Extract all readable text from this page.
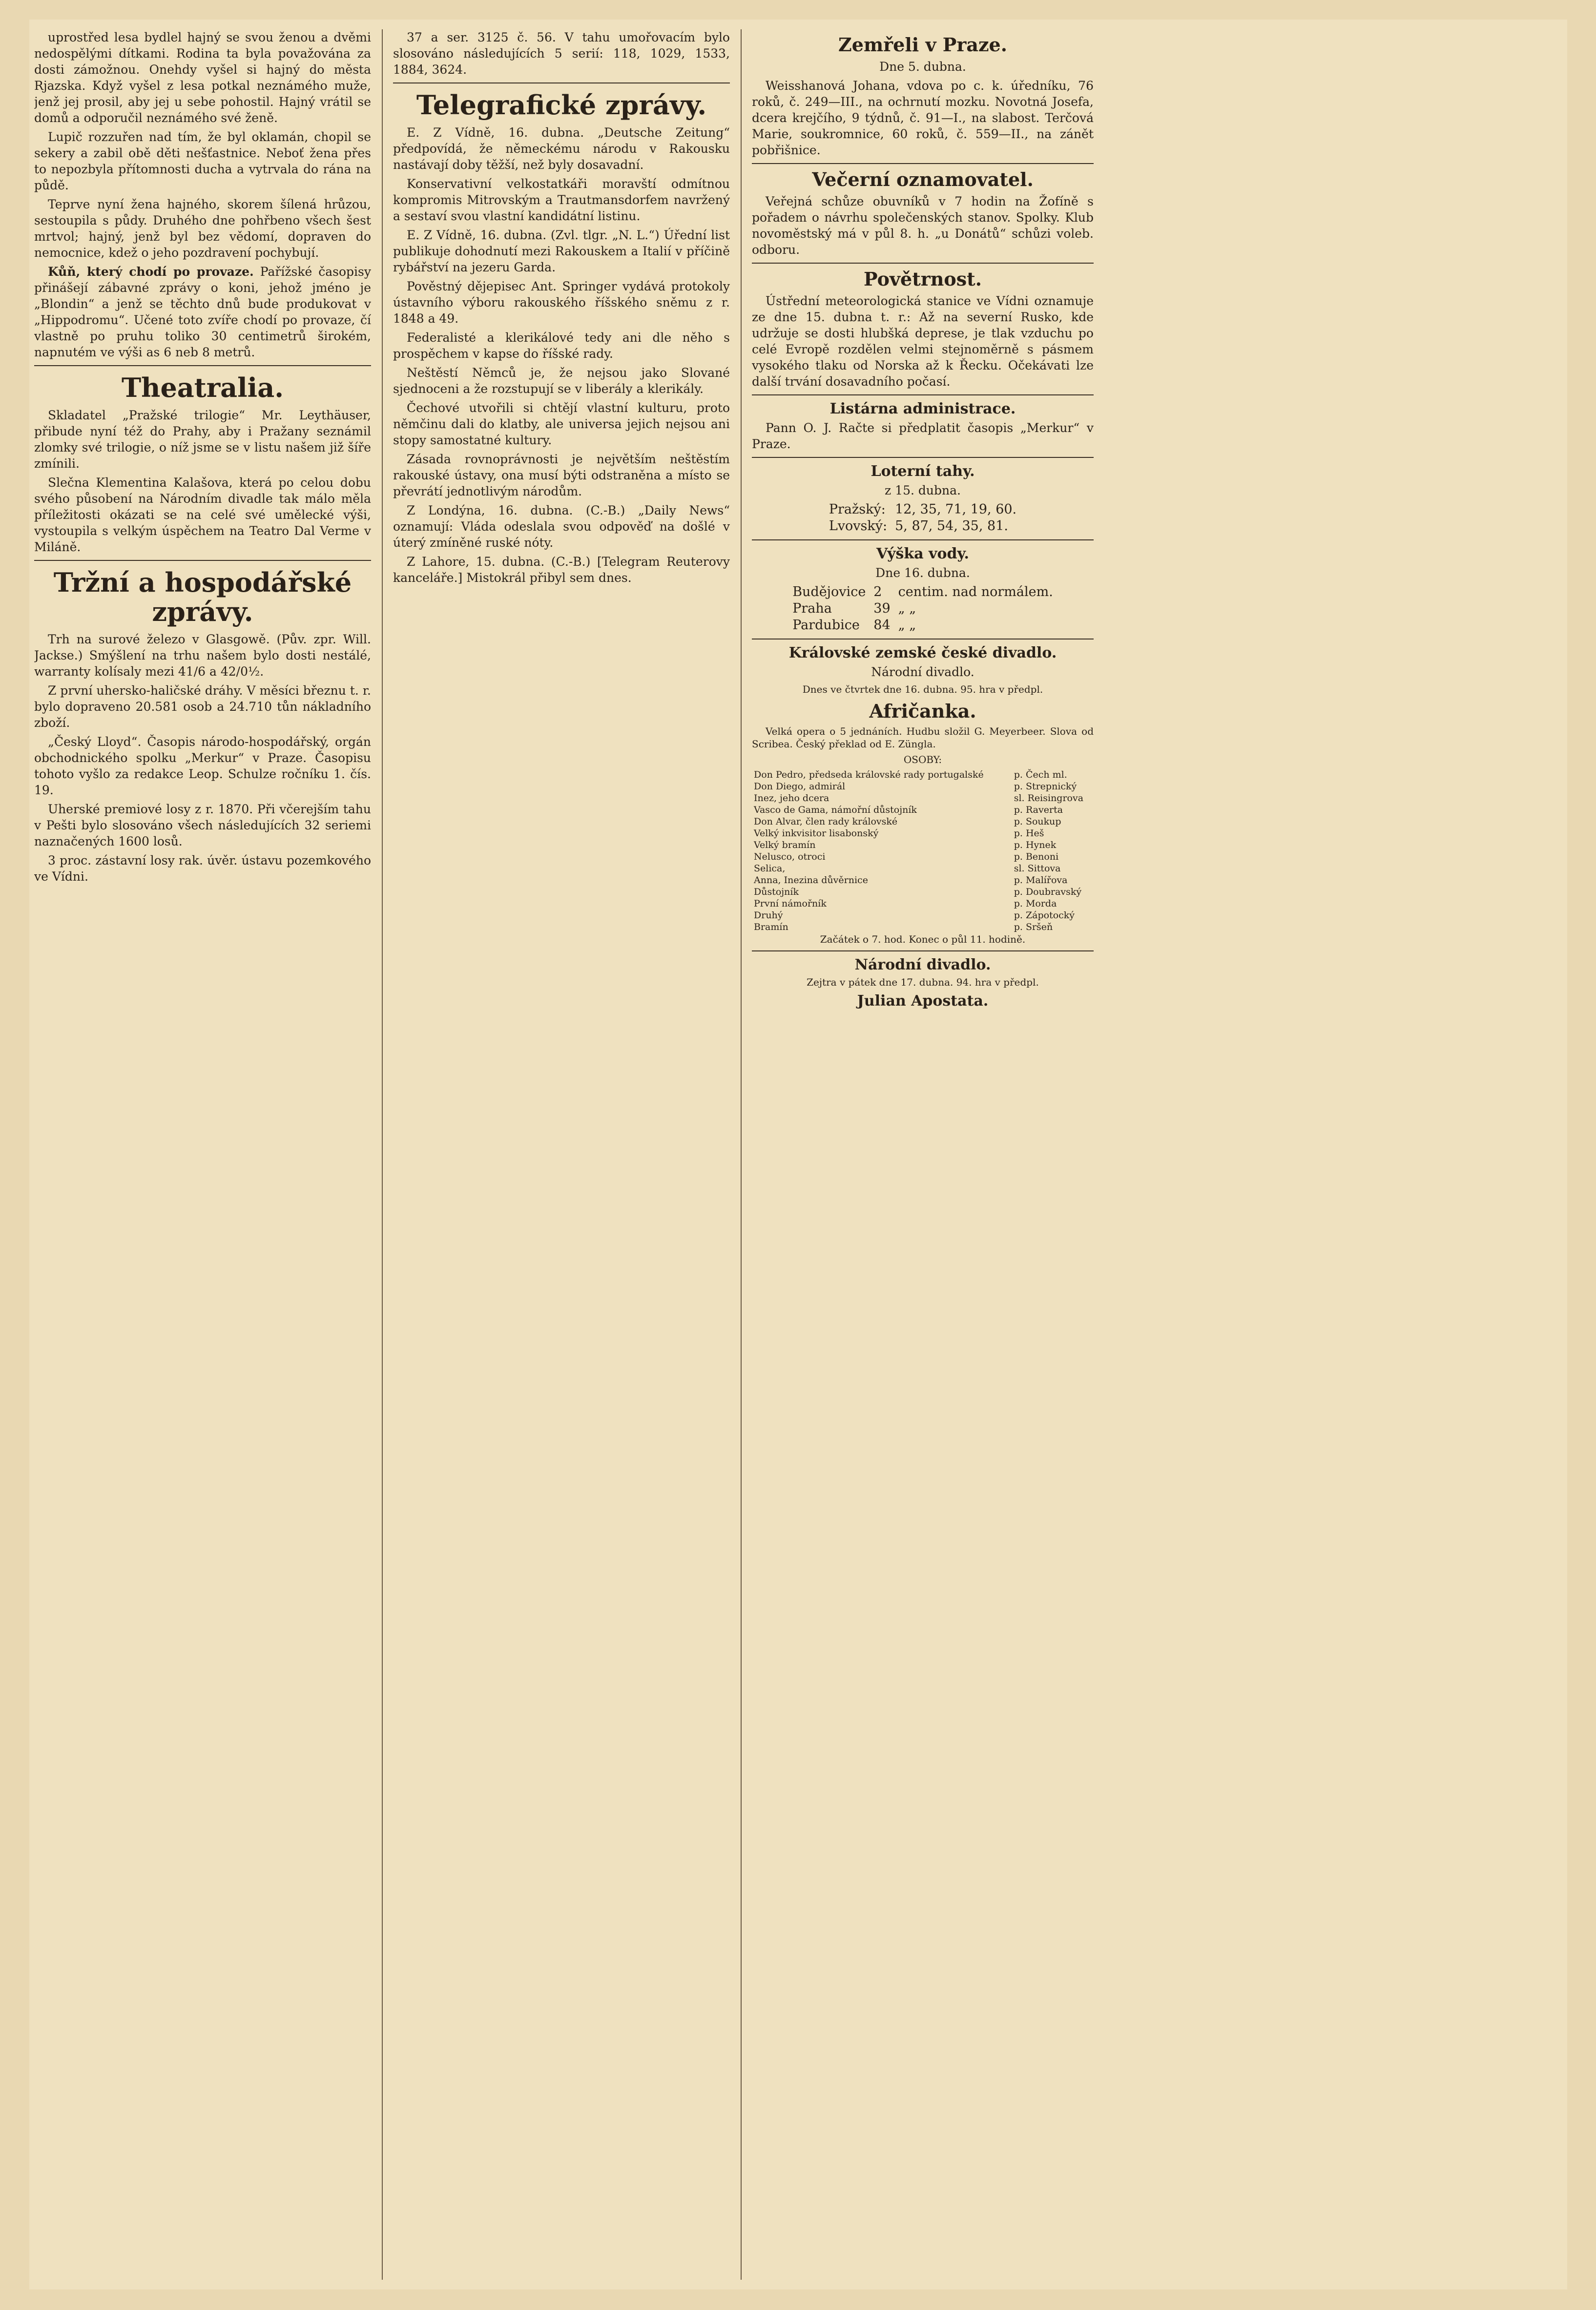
uprostřed lesa bydlel hajný se svou ženou a dvěmi nedospělými dítkami. Rodina ta byla považována za dosti zámožnou. Onehdy vyšel si hajný do města Rjazska. Když vyšel z lesa potkal neznámého muže, jenž jej prosil, aby jej u sebe pohostil. Hajný vrátil se domů a odporučil neznámého své ženě.

Lupič rozzuřen nad tím, že byl oklamán, chopil se sekery a zabil obě děti nešťastnice. Neboť žena přes to nepozbyla přítomnosti ducha a vytrvala do rána na půdě.

Teprve nyní žena hajného, skorem šílená hrůzou, sestoupila s půdy. Druhého dne pohřbeno všech šest mrtvol; hajný, jenž byl bez vědomí, dopraven do nemocnice, kdež o jeho pozdravení pochybují.

Kůň, který chodí po provaze. Pařížské časopisy přinášejí zábavné zprávy o koni, jehož jméno je „Blondin“ a jenž se těchto dnů bude produkovat v „Hippodromu“. Učené toto zvíře chodí po provaze, čí vlastně po pruhu toliko 30 centimetrů širokém, napnutém ve výši as 6 neb 8 metrů.

Theatralia.

Skladatel „Pražské trilogie“ Mr. Leythäuser, přibude nyní též do Prahy, aby i Pražany seznámil zlomky své trilogie, o níž jsme se v listu našem již šíře zmínili.

Slečna Klementina Kalašova, která po celou dobu svého působení na Národním divadle tak málo měla příležitosti okázati se na celé své umělecké výši, vystoupila s velkým úspěchem na Teatro Dal Verme v Miláně.

Tržní a hospodářské zprávy.

Trh na surové železo v Glasgowě. (Pův. zpr. Will. Jackse.) Smýšlení na trhu našem bylo dosti nestálé, warranty kolísaly mezi 41/6 a 42/0½.

Z první uhersko-haličské dráhy. V měsíci březnu t. r. bylo dopraveno 20.581 osob a 24.710 tůn nákladního zboží.

„Český Lloyd“. Časopis národo-hospodářský, orgán obchodnického spolku „Merkur“ v Praze. Časopisu tohoto vyšlo za redakce Leop. Schulze ročníku 1. čís. 19.

Uherské premiové losy z r. 1870. Při včerejším tahu v Pešti bylo slosováno všech následujících 32 seriemi naznačených 1600 losů.

3 proc. zástavní losy rak. úvěr. ústavu pozemkového ve Vídni.

37 a ser. 3125 č. 56. V tahu umořovacím bylo slosováno následujících 5 serií: 118, 1029, 1533, 1884, 3624.

Telegrafické zprávy.

E. Z Vídně, 16. dubna. „Deutsche Zeitung“ předpovídá, že německému národu v Rakousku nastávají doby těžší, než byly dosavadní.

Konservativní velkostatkáři moravští odmítnou kompromis Mitrovským a Trautmansdorfem navržený a sestaví svou vlastní kandidátní listinu.

E. Z Vídně, 16. dubna. (Zvl. tlgr. „N. L.“) Úřední list publikuje dohodnutí mezi Rakouskem a Italií v příčině rybářství na jezeru Garda.

Pověstný dějepisec Ant. Springer vydává protokoly ústavního výboru rakouského říšského sněmu z r. 1848 a 49.

Federalisté a klerikálové tedy ani dle něho s prospěchem v kapse do říšské rady.

Neštěstí Němců je, že nejsou jako Slované sjednoceni a že rozstupují se v liberály a klerikály.

Čechové utvořili si chtějí vlastní kulturu, proto němčinu dali do klatby, ale universa jejich nejsou ani stopy samostatné kultury.

Zásada rovnoprávnosti je největším neštěstím rakouské ústavy, ona musí býti odstraněna a místo se převrátí jednotlivým národům.

Z Londýna, 16. dubna. (C.-B.) „Daily News“ oznamují: Vláda odeslala svou odpověď na došlé v úterý zmíněné ruské nóty.

Z Lahore, 15. dubna. (C.-B.) [Telegram Reuterovy kanceláře.] Mistokrál přibyl sem dnes.

Zemřeli v Praze.

Dne 5. dubna.

Weisshanová Johana, vdova po c. k. úředníku, 76 roků, č. 249—III., na ochrnutí mozku. Novotná Josefa, dcera krejčího, 9 týdnů, č. 91—I., na slabost. Terčová Marie, soukromnice, 60 roků, č. 559—II., na zánět pobřišnice.

Večerní oznamovatel.

Veřejná schůze obuvníků v 7 hodin na Žofíně s pořadem o návrhu společenských stanov. Spolky. Klub novoměstský má v půl 8. h. „u Donátů“ schůzi voleb. odboru.

Povětrnost.

Ústřední meteorologická stanice ve Vídni oznamuje ze dne 15. dubna t. r.: Až na severní Rusko, kde udržuje se dosti hlubšká deprese, je tlak vzduchu po celé Evropě rozdělen velmi stejnoměrně s pásmem vysokého tlaku od Norska až k Řecku. Očekávati lze další trvání dosavadního počasí.

Listárna administrace.

Pann O. J. Račte si předplatit časopis „Merkur“ v Praze.

Loterní tahy.

z 15. dubna.

Pražský:	12, 35, 71, 19, 60.
Lvovský:	5, 87, 54, 35, 81.
Výška vody.

Dne 16. dubna.

Budějovice	2	centim. nad normálem.
Praha	39	„ „
Pardubice	84	„ „
Královské zemské české divadlo.

Národní divadlo.

Dnes ve čtvrtek dne 16. dubna. 95. hra v předpl.

Afričanka.

Velká opera o 5 jednáních. Hudbu složil G. Meyerbeer. Slova od Scribea. Český překlad od E. Züngla.

OSOBY:

Don Pedro, předseda královské rady portugalské	p. Čech ml.
Don Diego, admirál	p. Strepnický
Inez, jeho dcera	sl. Reisingrova
Vasco de Gama, námořní důstojník	p. Raverta
Don Alvar, člen rady královské	p. Soukup
Velký inkvisitor lisabonský	p. Heš
Velký bramín	p. Hynek
Nelusco, otroci	p. Benoni
Selica,	sl. Sittova
Anna, Inezina důvěrnice	p. Malířova
Důstojník	p. Doubravský
První námořník	p. Morda
Druhý	p. Zápotocký
Bramín	p. Sršeň

Začátek o 7. hod. Konec o půl 11. hodině.

Národní divadlo.

Zejtra v pátek dne 17. dubna. 94. hra v předpl.

Julian Apostata.
